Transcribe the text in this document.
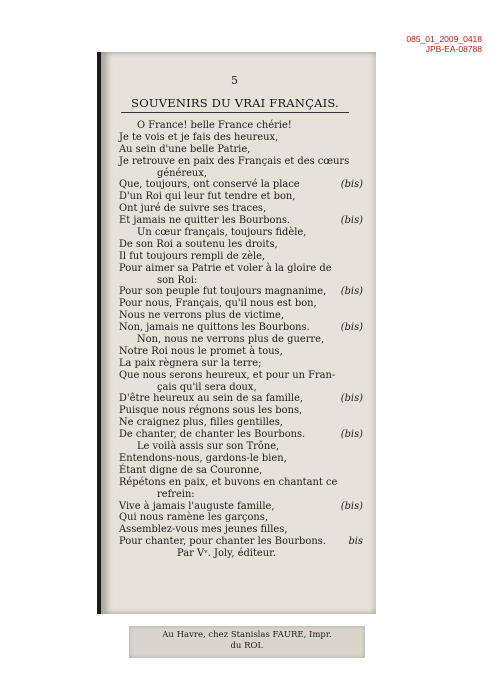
085_01_2009_0418
JPB-EA-08788
5
SOUVENIRS DU VRAI FRANÇAIS.
O France! belle France chérie!
Je te vois et je fais des heureux,
Au sein d'une belle Patrie,
Je retrouve en paix des Français et des cœurs
généreux,
Que, toujours, ont conservé la place	(bis)
D'un Roi qui leur fut tendre et bon,
Ont juré de suivre ses traces,
Et jamais ne quitter les Bourbons.	(bis)
Un cœur français, toujours fidèle,
De son Roi a soutenu les droits,
Il fut toujours rempli de zèle,
Pour aimer sa Patrie et voler à la gloire de
son Roi:
Pour son peuple fut toujours magnanime, (bis)
Pour nous, Français, qu'il nous est bon,
Nous ne verrons plus de victime,
Non, jamais ne quittons les Bourbons.	(bis)
Non, nous ne verrons plus de guerre,
Notre Roi nous le promet à tous,
La paix règnera sur la terre;
Que nous serons heureux, et pour un Fran-
çais qu'il sera doux,
D'être heureux au sein de sa famille,	(bis)
Puisque nous régnons sous les bons,
Ne craignez plus, filles gentilles,
De chanter, de chanter les Bourbons.	(bis)
Le voilà assis sur son Trône,
Entendons-nous, gardons-le bien,
Étant digne de sa Couronne,
Répétons en paix, et buvons en chantant ce
refrein:
Vive à jamais l'auguste famille,	(bis)
Qui nous ramène les garçons,
Assemblez-vous mes jeunes filles,
Pour chanter, pour chanter les Bourbons. bis
Par Vᵛ. Joly, éditeur.
Au Havre, chez Stanislas FAURE, Impr.
du ROI.
